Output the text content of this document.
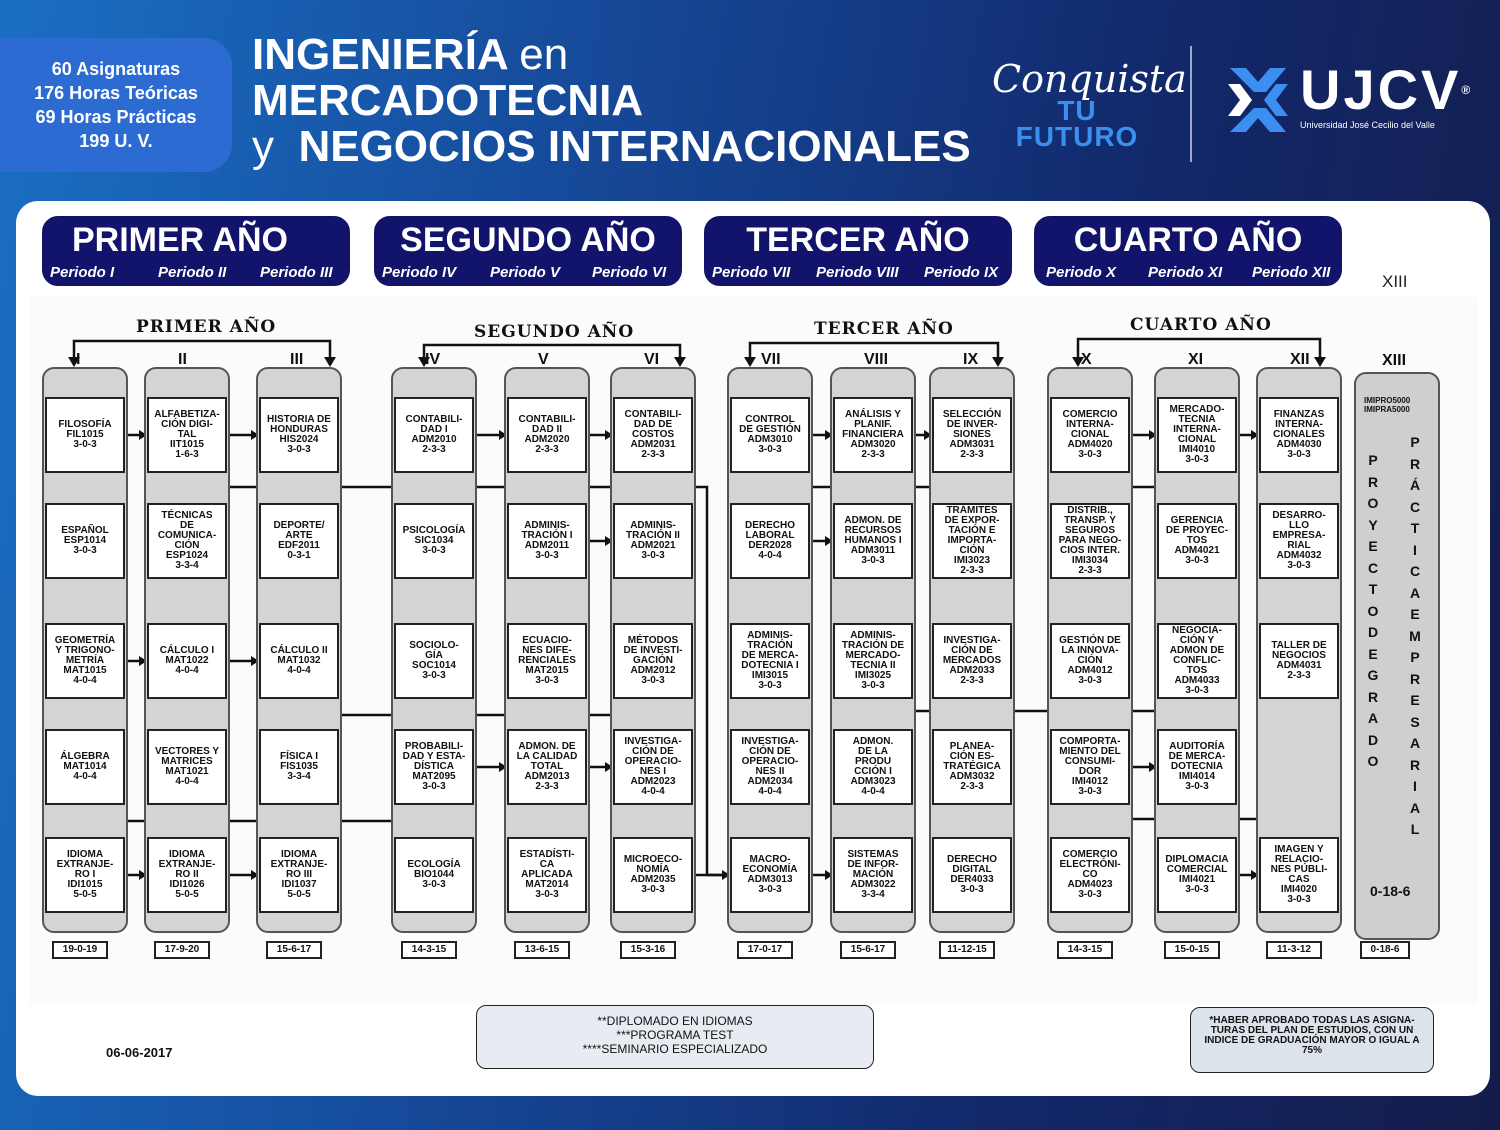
60 Asignaturas
176 Horas Teóricas
69 Horas Prácticas
199 U. V.
INGENIERÍA en
MERCADOTECNIA
y NEGOCIOS INTERNACIONALES
Conquista
TU FUTURO
UJCV®
Universidad José Cecilio del Valle
PRIMER AÑO
Periodo I	Periodo II Periodo III
SEGUNDO AÑO
Periodo IV Periodo V Periodo VI
TERCER AÑO
Periodo VII Periodo VIII Periodo IX
CUARTO AÑO
Periodo X Periodo XI Periodo XII	XIII
PRIMER AÑO	SEGUNDO AÑO	TERCER AÑO	CUARTO AÑO
I
FILOSOFÍA
FIL1015
3-0-3
ESPAÑOL
ESP1014
3-0-3
GEOMETRÍA
Y TRIGONO-
METRÍA
MAT1015
4-0-4
ÁLGEBRA
MAT1014
4-0-4
IDIOMA
EXTRANJE-
RO I
IDI1015
5-0-5
19-0-19
II
ALFABETIZA-
CIÓN DIGI-
TAL
IIT1015
1-6-3
TÉCNICAS
DE
COMUNICA-
CIÓN
ESP1024
3-3-4
CÁLCULO I
MAT1022
4-0-4
VECTORES Y
MATRICES
MAT1021
4-0-4
IDIOMA
EXTRANJE-
RO II
IDI1026
5-0-5
17-9-20
III
HISTORIA DE
HONDURAS
HIS2024
3-0-3
DEPORTE/
ARTE
EDF2011
0-3-1
CÁLCULO II
MAT1032
4-0-4
FÍSICA I
FIS1035
3-3-4
IDIOMA
EXTRANJE-
RO III
IDI1037
5-0-5
15-6-17
IV
CONTABILI-
DAD I
ADM2010
2-3-3
PSICOLOGÍA
SIC1034
3-0-3
SOCIOLO-
GÍA
SOC1014
3-0-3
PROBABILI-
DAD Y ESTA-
DÍSTICA
MAT2095
3-0-3
ECOLOGÍA
BIO1044
3-0-3
14-3-15
V
CONTABILI-
DAD II
ADM2020
2-3-3
ADMINIS-
TRACIÓN I
ADM2011
3-0-3
ECUACIO-
NES DIFE-
RENCIALES
MAT2015
3-0-3
ADMON. DE
LA CALIDAD
TOTAL
ADM2013
2-3-3
ESTADÍSTI-
CA
APLICADA
MAT2014
3-0-3
13-6-15
VI
CONTABILI-
DAD DE
COSTOS
ADM2031
2-3-3
ADMINIS-
TRACIÓN II
ADM2021
3-0-3
MÉTODOS
DE INVESTI-
GACIÓN
ADM2012
3-0-3
INVESTIGA-
CIÓN DE
OPERACIO-
NES I
ADM2023
4-0-4
MICROECO-
NOMÍA
ADM2035
3-0-3
15-3-16
VII
CONTROL
DE GESTIÓN
ADM3010
3-0-3
DERECHO
LABORAL
DER2028
4-0-4
ADMINIS-
TRACIÓN
DE MERCA-
DOTECNIA I
IMI3015
3-0-3
INVESTIGA-
CIÓN DE
OPERACIO-
NES II
ADM2034
4-0-4
MACRO-
ECONOMÍA
ADM3013
3-0-3
17-0-17
VIII
ANÁLISIS Y
PLANIF.
FINANCIERA
ADM3020
2-3-3
ADMON. DE
RECURSOS
HUMANOS I
ADM3011
3-0-3
ADMINIS-
TRACIÓN DE
MERCADO-
TECNIA II
IMI3025
3-0-3
ADMON.
DE LA
PRODU
CCIÓN I
ADM3023
4-0-4
SISTEMAS
DE INFOR-
MACIÓN
ADM3022
3-3-4
15-6-17
IX
SELECCIÓN
DE INVER-
SIONES
ADM3031
2-3-3
TRÁMITES
DE EXPOR-
TACIÓN E
IMPORTA-
CIÓN
IMI3023
2-3-3
INVESTIGA-
CIÓN DE
MERCADOS
ADM2033
2-3-3
PLANEA-
CIÓN ES-
TRATÉGICA
ADM3032
2-3-3
DERECHO
DIGITAL
DER4033
3-0-3
11-12-15
X
COMERCIO
INTERNA-
CIONAL
ADM4020
3-0-3
DISTRIB.,
TRANSP. Y
SEGUROS
PARA NEGO-
CIOS INTER.
IMI3034
2-3-3
GESTIÓN DE
LA INNOVA-
CIÓN
ADM4012
3-0-3
COMPORTA-
MIENTO DEL
CONSUMI-
DOR
IMI4012
3-0-3
COMERCIO
ELECTRÓNI-
CO
ADM4023
3-0-3
14-3-15
XI
MERCADO-
TECNIA
INTERNA-
CIONAL
IMI4010
3-0-3
GERENCIA
DE PROYEC-
TOS
ADM4021
3-0-3
NEGOCIA-
CIÓN Y
ADMON DE
CONFLIC-
TOS
ADM4033
3-0-3
AUDITORÍA
DE MERCA-
DOTECNIA
IMI4014
3-0-3
DIPLOMACIA
COMERCIAL
IMI4021
3-0-3
15-0-15
XII
FINANZAS
INTERNA-
CIONALES
ADM4030
3-0-3
DESARRO-
LLO
EMPRESA-
RIAL
ADM4032
3-0-3
TALLER DE
NEGOCIOS
ADM4031
2-3-3
IMAGEN Y
RELACIO-
NES PÚBLI-
CAS
IMI4020
3-0-3
11-3-12
XIII
IMIPRO5000
IMIPRA5000
P
R
O
Y
E
C
T
O
D
E
G
R
A
D
O
P
R
Á
C
T
I
C
A
E
M
P
R
E
S
A
R
I
A
L
0-18-6
0-18-6
**DIPLOMADO EN IDIOMAS
***PROGRAMA TEST
****SEMINARIO ESPECIALIZADO
*HABER APROBADO TODAS LAS ASIGNA-TURAS DEL PLAN DE ESTUDIOS, CON UN INDICE DE GRADUACIÓN MAYOR O IGUAL A 75%
06-06-2017
